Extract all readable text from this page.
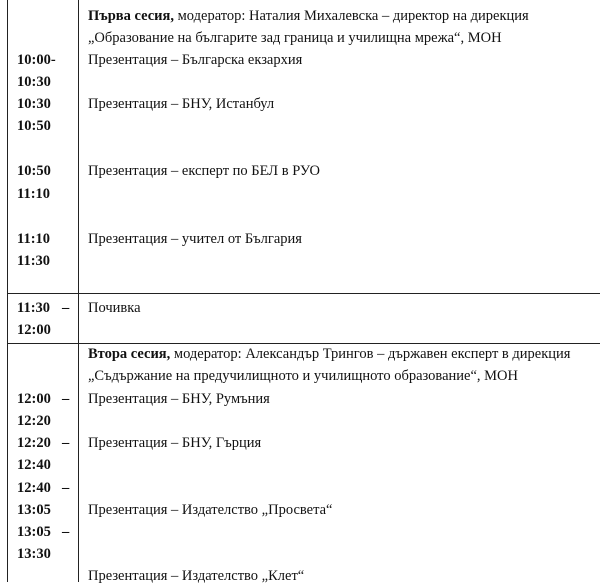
Първа сесия, модератор: Наталия Михалевска – директор на дирекция
„Образование на българите зад граница и училищна мрежа“, МОН
10:00-
10:30
Презентация – Българска екзархия
10:30
10:50
Презентация – БНУ, Истанбул
10:50
11:10
Презентация – експерт по БЕЛ в РУО
11:10
11:30
Презентация – учител от България
11:30 –
12:00
Почивка
Втора сесия, модератор: Александър Трингов – държавен експерт в дирекция
„Съдържание на предучилищното и училищното образование“, МОН
12:00 –
12:20
12:20 –
12:40
12:40 –
13:05
13:05 –
13:30
Презентация – БНУ, Румъния
Презентация – БНУ, Гърция
Презентация – Издателство „Просвета“
Презентация – Издателство „Клет“
